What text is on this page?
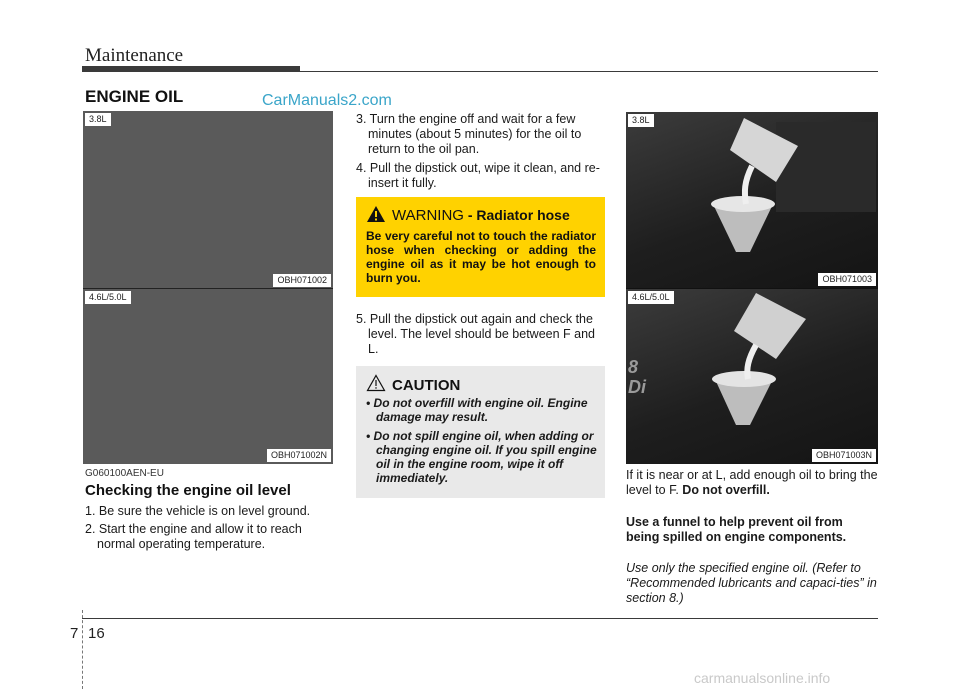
Maintenance
ENGINE OIL	CarManuals2.com
3.8L
OBH071002
4.6L/5.0L
OBH071002N
G060100AEN-EU
Checking the engine oil level

1. Be sure the vehicle is on level ground.

2. Start the engine and allow it to reach normal operating temperature.

3. Turn the engine off and wait for a few minutes (about 5 minutes) for the oil to return to the oil pan.

4. Pull the dipstick out, wipe it clean, and re-insert it fully.

WARNING - Radiator hose
Be very careful not to touch the radiator hose when checking or adding the engine oil as it may be hot enough to burn you.
5. Pull the dipstick out again and check the level. The level should be between F and L.
CAUTION
• Do not overfill with engine oil. Engine damage may result.
• Do not spill engine oil, when adding or changing engine oil. If you spill engine oil in the engine room, wipe it off immediately.
3.8L
OBH071003
8
Di
4.6L/5.0L
OBH071003N
If it is near or at L, add enough oil to bring the level to F. Do not overfill.
Use a funnel to help prevent oil from being spilled on engine components.
Use only the specified engine oil. (Refer to “Recommended lubricants and capaci-ties” in section 8.)
7 16
carmanualsonline.info
